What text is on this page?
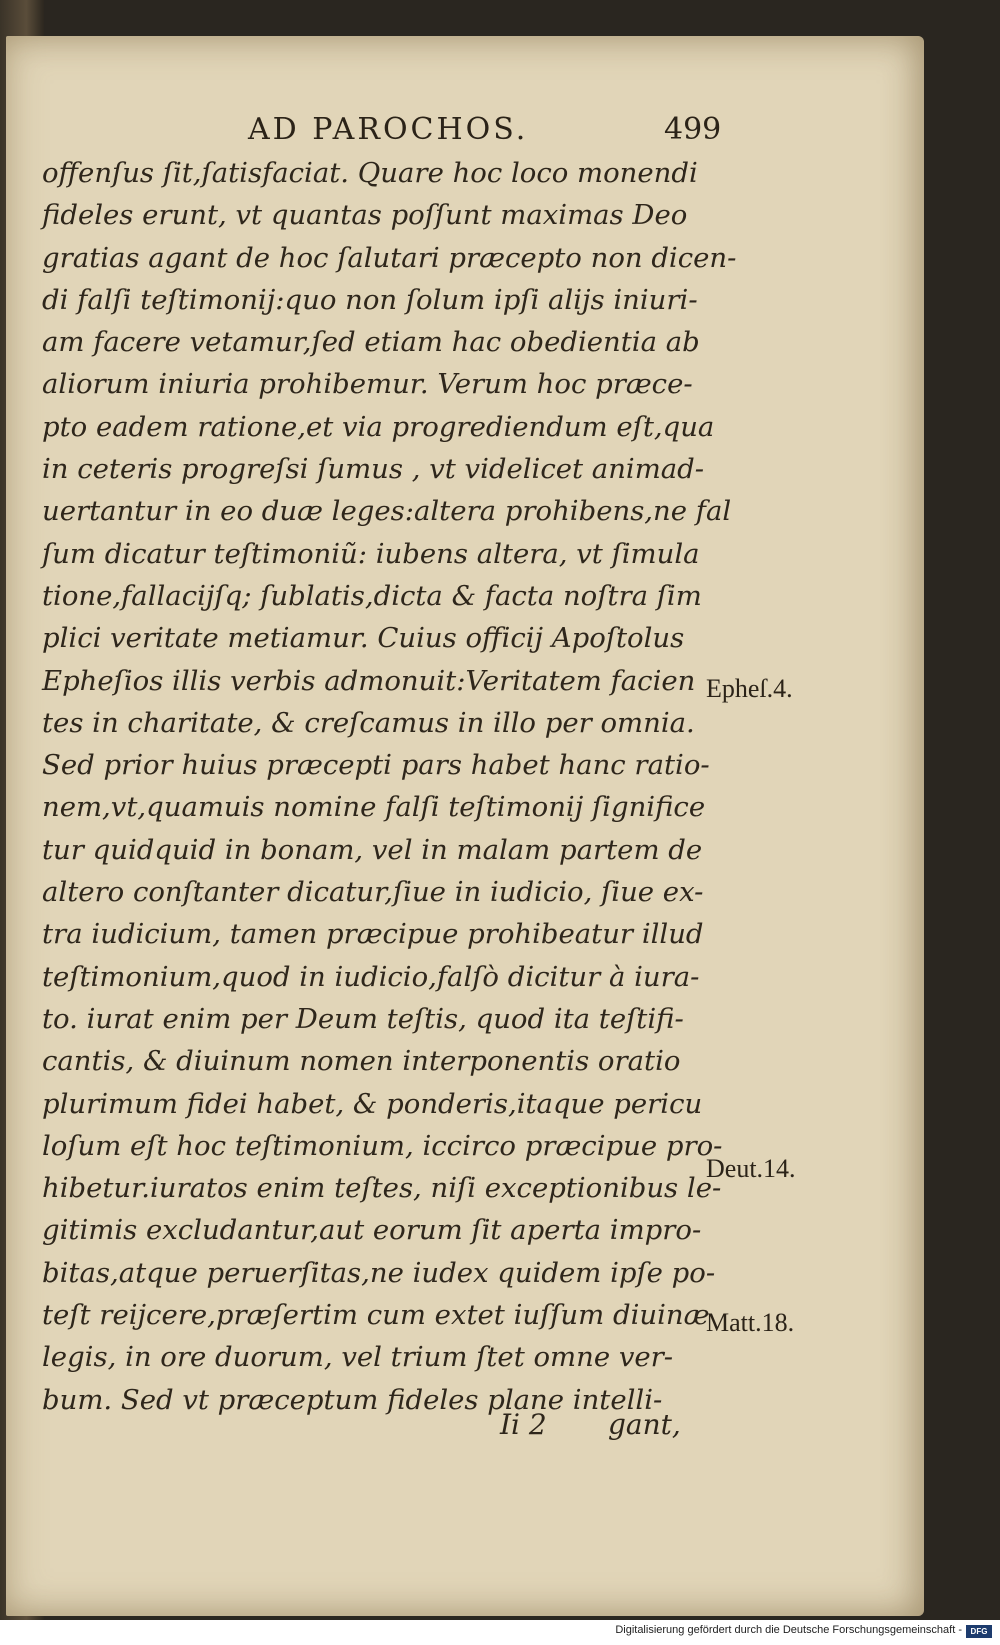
AD PAROCHOS.	499
offenſus ſit,ſatisfaciat. Quare hoc loco monendi
fideles erunt, vt quantas poſſunt maximas Deo
gratias agant de hoc ſalutari præcepto non dicen-
di falſi teſtimonij:quo non ſolum ipſi alijs iniuri-
am facere vetamur,ſed etiam hac obedientia ab
aliorum iniuria prohibemur. Verum hoc præce-
pto eadem ratione,et via progrediendum eſt,qua
in ceteris progreſsi ſumus , vt videlicet animad-
uertantur in eo duæ leges:altera prohibens,ne fal
ſum dicatur teſtimoniũ: iubens altera, vt ſimula
tione,fallacijſq; ſublatis,dicta & facta noſtra ſim
plici veritate metiamur. Cuius officij Apoſtolus
Epheſios illis verbis admonuit:Veritatem facien
tes in charitate, & creſcamus in illo per omnia.
Sed prior huius præcepti pars habet hanc ratio-
nem,vt,quamuis nomine falſi teſtimonij ſignifice
tur quidquid in bonam, vel in malam partem de
altero conſtanter dicatur,ſiue in iudicio, ſiue ex-
tra iudicium, tamen præcipue prohibeatur illud
teſtimonium,quod in iudicio,falſò dicitur à iura-
to. iurat enim per Deum teſtis, quod ita teſtifi-
cantis, & diuinum nomen interponentis oratio
plurimum fidei habet, & ponderis,itaque pericu
loſum eſt hoc teſtimonium, iccirco præcipue pro-
hibetur.iuratos enim teſtes, niſi exceptionibus le-
gitimis excludantur,aut eorum ſit aperta impro-
bitas,atque peruerſitas,ne iudex quidem ipſe po-
teſt reijcere,præſertim cum extet iuſſum diuinæ
legis, in ore duorum, vel trium ſtet omne ver-
bum. Sed vt præceptum fideles plane intelli-
Ii 2 gant,
Epheſ.4.
Deut.14.
Matt.18.
Digitalisierung gefördert durch die Deutsche Forschungsgemeinschaft -	DFG
